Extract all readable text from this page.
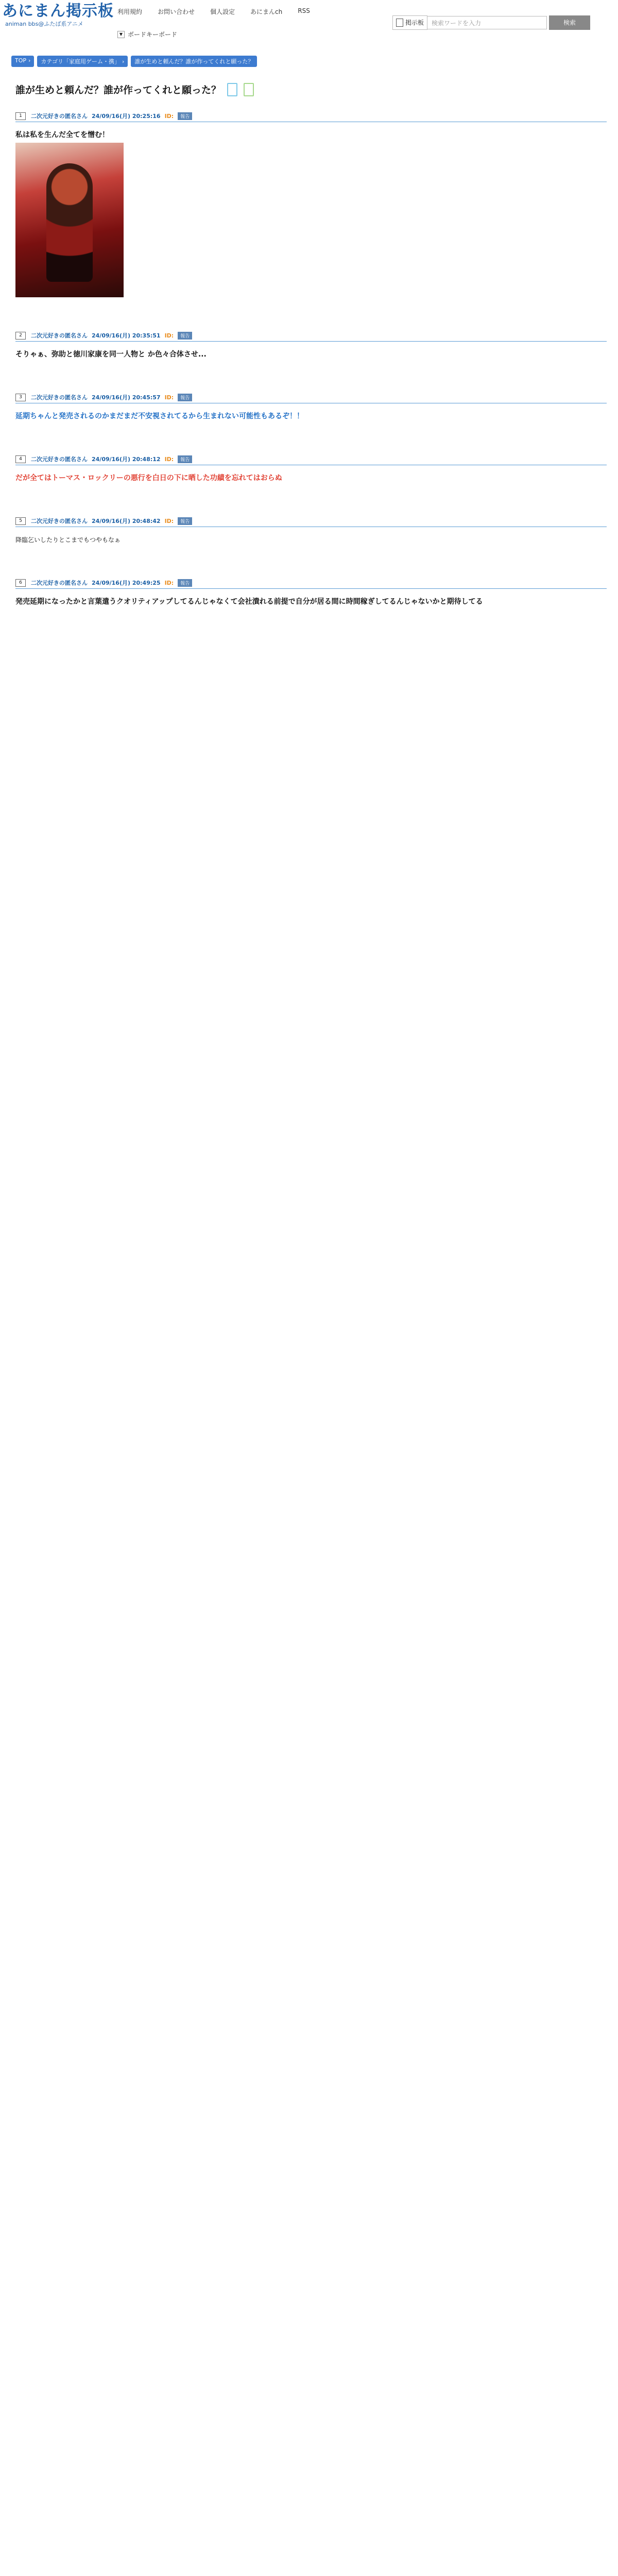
あにまん掲示板
animan bbs@ふたば系アニメ
利用規約	お問い合わせ	個人設定	あにまんch	RSS
▼ ボードキーボード
掲示板	検索ワードを入力	検索
TOP ›	カテゴリ「家庭用ゲーム・携」 ›	誰が生めと頼んだ？誰が作ってくれと願った？
誰が生めと頼んだ？誰が作ってくれと願った？
1	二次元好きの匿名さん 24/09/16(月) 20:25:16 ID:	報告
私は私を生んだ全てを憎む！
2	二次元好きの匿名さん 24/09/16(月) 20:35:51 ID:	報告
そりゃぁ、弥助と徳川家康を同一人物と か色々合体させ...
3	二次元好きの匿名さん 24/09/16(月) 20:45:57 ID:	報告
延期ちゃんと発売されるのかまだまだ不安視されてるから生まれない可能性もあるぞ！！
4	二次元好きの匿名さん 24/09/16(月) 20:48:12 ID:	報告
だが全てはトーマス・ロックリーの悪行を白日の下に晒した功績を忘れてはおらぬ
5	二次元好きの匿名さん 24/09/16(月) 20:48:42 ID:	報告
降臨乞いしたりとこまでもつやもなぁ
6	二次元好きの匿名さん 24/09/16(月) 20:49:25 ID:	報告
発売延期になったかと言葉遣うクオリティアップしてるんじゃなくて会社潰れる前提で自分が居る間に時間稼ぎしてるんじゃないかと期待してる
